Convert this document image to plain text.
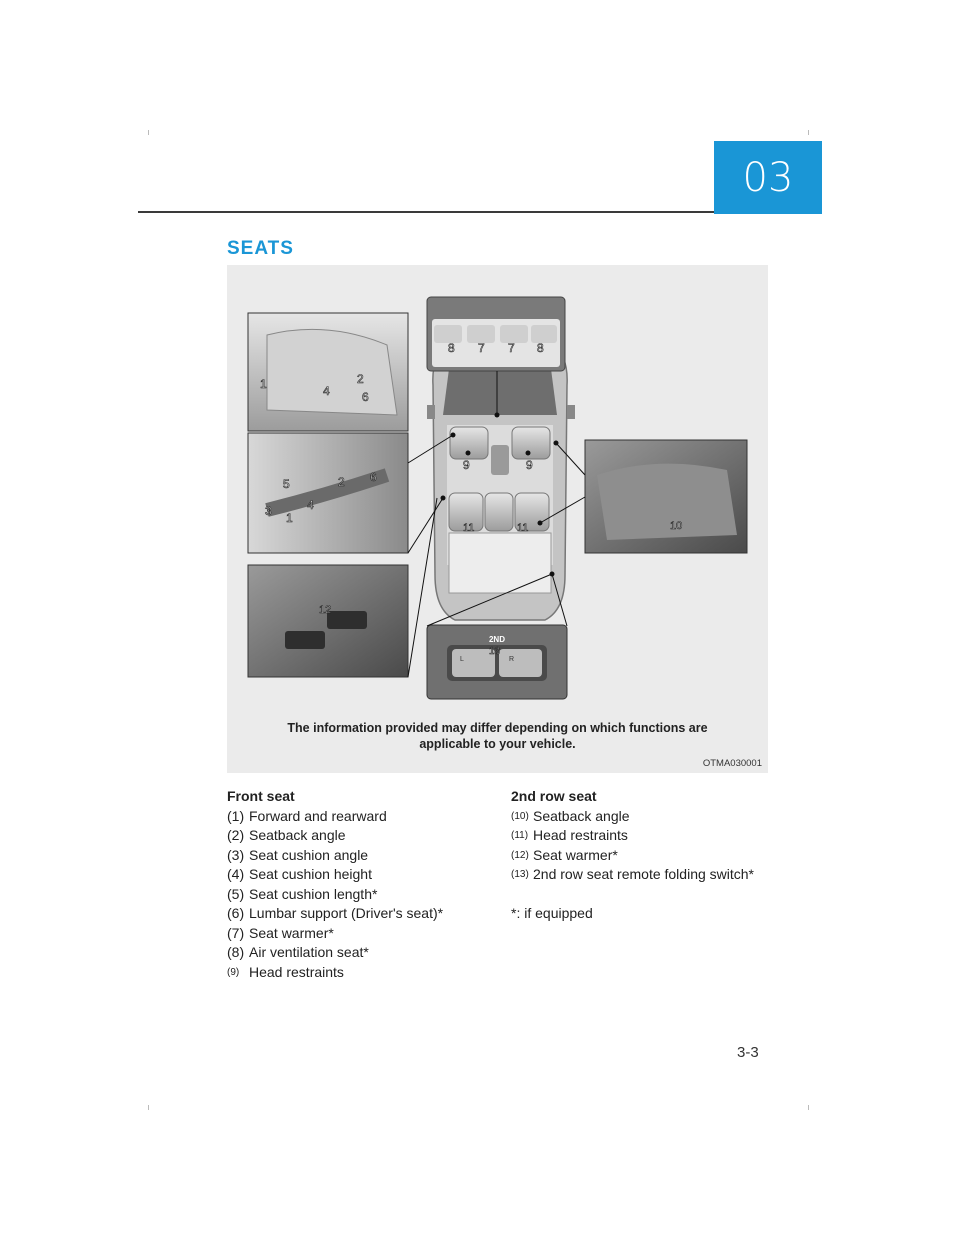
03
SEATS
2ND
L	R
1	2
4	6
5	2 6
3	4
1
8 7 7 8
9	9
11	11	10
12
13
The information provided may differ depending on which functions are applicable to your vehicle.
OTMA030001
Front seat
(1) Forward and rearward
(2) Seatback angle
(3) Seat cushion angle
(4) Seat cushion height
(5) Seat cushion length*
(6) Lumbar support (Driver's seat)*
(7) Seat warmer*
(8) Air ventilation seat*
(9) Head restraints
2nd row seat
(10) Seatback angle
(11) Head restraints
(12) Seat warmer*
(13) 2nd row seat remote folding switch*
*: if equipped
3-3
